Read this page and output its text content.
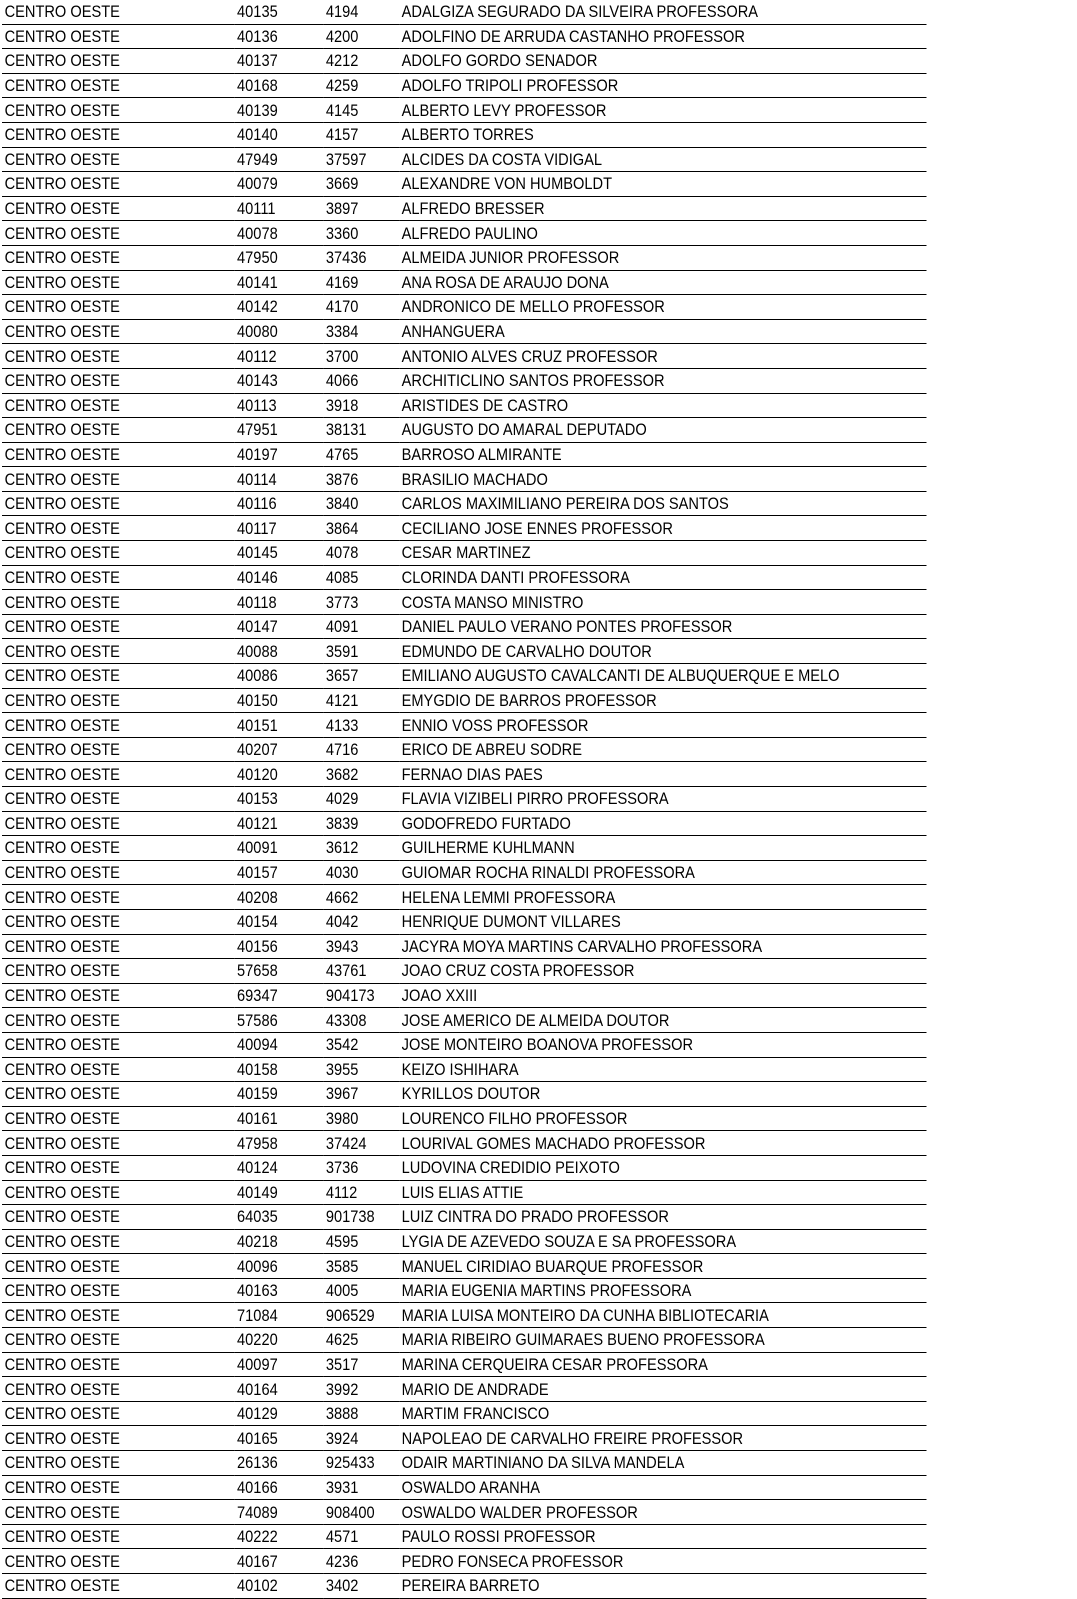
CENTRO OESTE	40135	4194	ADALGIZA SEGURADO DA SILVEIRA PROFESSORA
CENTRO OESTE	40136	4200	ADOLFINO DE ARRUDA CASTANHO PROFESSOR
CENTRO OESTE	40137	4212	ADOLFO GORDO SENADOR
CENTRO OESTE	40168	4259	ADOLFO TRIPOLI PROFESSOR
CENTRO OESTE	40139	4145	ALBERTO LEVY PROFESSOR
CENTRO OESTE	40140	4157	ALBERTO TORRES
CENTRO OESTE	47949	37597	ALCIDES DA COSTA VIDIGAL
CENTRO OESTE	40079	3669	ALEXANDRE VON HUMBOLDT
CENTRO OESTE	40111	3897	ALFREDO BRESSER
CENTRO OESTE	40078	3360	ALFREDO PAULINO
CENTRO OESTE	47950	37436	ALMEIDA JUNIOR PROFESSOR
CENTRO OESTE	40141	4169	ANA ROSA DE ARAUJO DONA
CENTRO OESTE	40142	4170	ANDRONICO DE MELLO PROFESSOR
CENTRO OESTE	40080	3384	ANHANGUERA
CENTRO OESTE	40112	3700	ANTONIO ALVES CRUZ PROFESSOR
CENTRO OESTE	40143	4066	ARCHITICLINO SANTOS PROFESSOR
CENTRO OESTE	40113	3918	ARISTIDES DE CASTRO
CENTRO OESTE	47951	38131	AUGUSTO DO AMARAL DEPUTADO
CENTRO OESTE	40197	4765	BARROSO ALMIRANTE
CENTRO OESTE	40114	3876	BRASILIO MACHADO
CENTRO OESTE	40116	3840	CARLOS MAXIMILIANO PEREIRA DOS SANTOS
CENTRO OESTE	40117	3864	CECILIANO JOSE ENNES PROFESSOR
CENTRO OESTE	40145	4078	CESAR MARTINEZ
CENTRO OESTE	40146	4085	CLORINDA DANTI PROFESSORA
CENTRO OESTE	40118	3773	COSTA MANSO MINISTRO
CENTRO OESTE	40147	4091	DANIEL PAULO VERANO PONTES PROFESSOR
CENTRO OESTE	40088	3591	EDMUNDO DE CARVALHO DOUTOR
CENTRO OESTE	40086	3657	EMILIANO AUGUSTO CAVALCANTI DE ALBUQUERQUE E MELO
CENTRO OESTE	40150	4121	EMYGDIO DE BARROS PROFESSOR
CENTRO OESTE	40151	4133	ENNIO VOSS PROFESSOR
CENTRO OESTE	40207	4716	ERICO DE ABREU SODRE
CENTRO OESTE	40120	3682	FERNAO DIAS PAES
CENTRO OESTE	40153	4029	FLAVIA VIZIBELI PIRRO PROFESSORA
CENTRO OESTE	40121	3839	GODOFREDO FURTADO
CENTRO OESTE	40091	3612	GUILHERME KUHLMANN
CENTRO OESTE	40157	4030	GUIOMAR ROCHA RINALDI PROFESSORA
CENTRO OESTE	40208	4662	HELENA LEMMI PROFESSORA
CENTRO OESTE	40154	4042	HENRIQUE DUMONT VILLARES
CENTRO OESTE	40156	3943	JACYRA MOYA MARTINS CARVALHO PROFESSORA
CENTRO OESTE	57658	43761	JOAO CRUZ COSTA PROFESSOR
CENTRO OESTE	69347	904173	JOAO XXIII
CENTRO OESTE	57586	43308	JOSE AMERICO DE ALMEIDA DOUTOR
CENTRO OESTE	40094	3542	JOSE MONTEIRO BOANOVA PROFESSOR
CENTRO OESTE	40158	3955	KEIZO ISHIHARA
CENTRO OESTE	40159	3967	KYRILLOS DOUTOR
CENTRO OESTE	40161	3980	LOURENCO FILHO PROFESSOR
CENTRO OESTE	47958	37424	LOURIVAL GOMES MACHADO PROFESSOR
CENTRO OESTE	40124	3736	LUDOVINA CREDIDIO PEIXOTO
CENTRO OESTE	40149	4112	LUIS ELIAS ATTIE
CENTRO OESTE	64035	901738	LUIZ CINTRA DO PRADO PROFESSOR
CENTRO OESTE	40218	4595	LYGIA DE AZEVEDO SOUZA E SA PROFESSORA
CENTRO OESTE	40096	3585	MANUEL CIRIDIAO BUARQUE PROFESSOR
CENTRO OESTE	40163	4005	MARIA EUGENIA MARTINS PROFESSORA
CENTRO OESTE	71084	906529	MARIA LUISA MONTEIRO DA CUNHA BIBLIOTECARIA
CENTRO OESTE	40220	4625	MARIA RIBEIRO GUIMARAES BUENO PROFESSORA
CENTRO OESTE	40097	3517	MARINA CERQUEIRA CESAR PROFESSORA
CENTRO OESTE	40164	3992	MARIO DE ANDRADE
CENTRO OESTE	40129	3888	MARTIM FRANCISCO
CENTRO OESTE	40165	3924	NAPOLEAO DE CARVALHO FREIRE PROFESSOR
CENTRO OESTE	26136	925433	ODAIR MARTINIANO DA SILVA MANDELA
CENTRO OESTE	40166	3931	OSWALDO ARANHA
CENTRO OESTE	74089	908400	OSWALDO WALDER PROFESSOR
CENTRO OESTE	40222	4571	PAULO ROSSI PROFESSOR
CENTRO OESTE	40167	4236	PEDRO FONSECA PROFESSOR
CENTRO OESTE	40102	3402	PEREIRA BARRETO
